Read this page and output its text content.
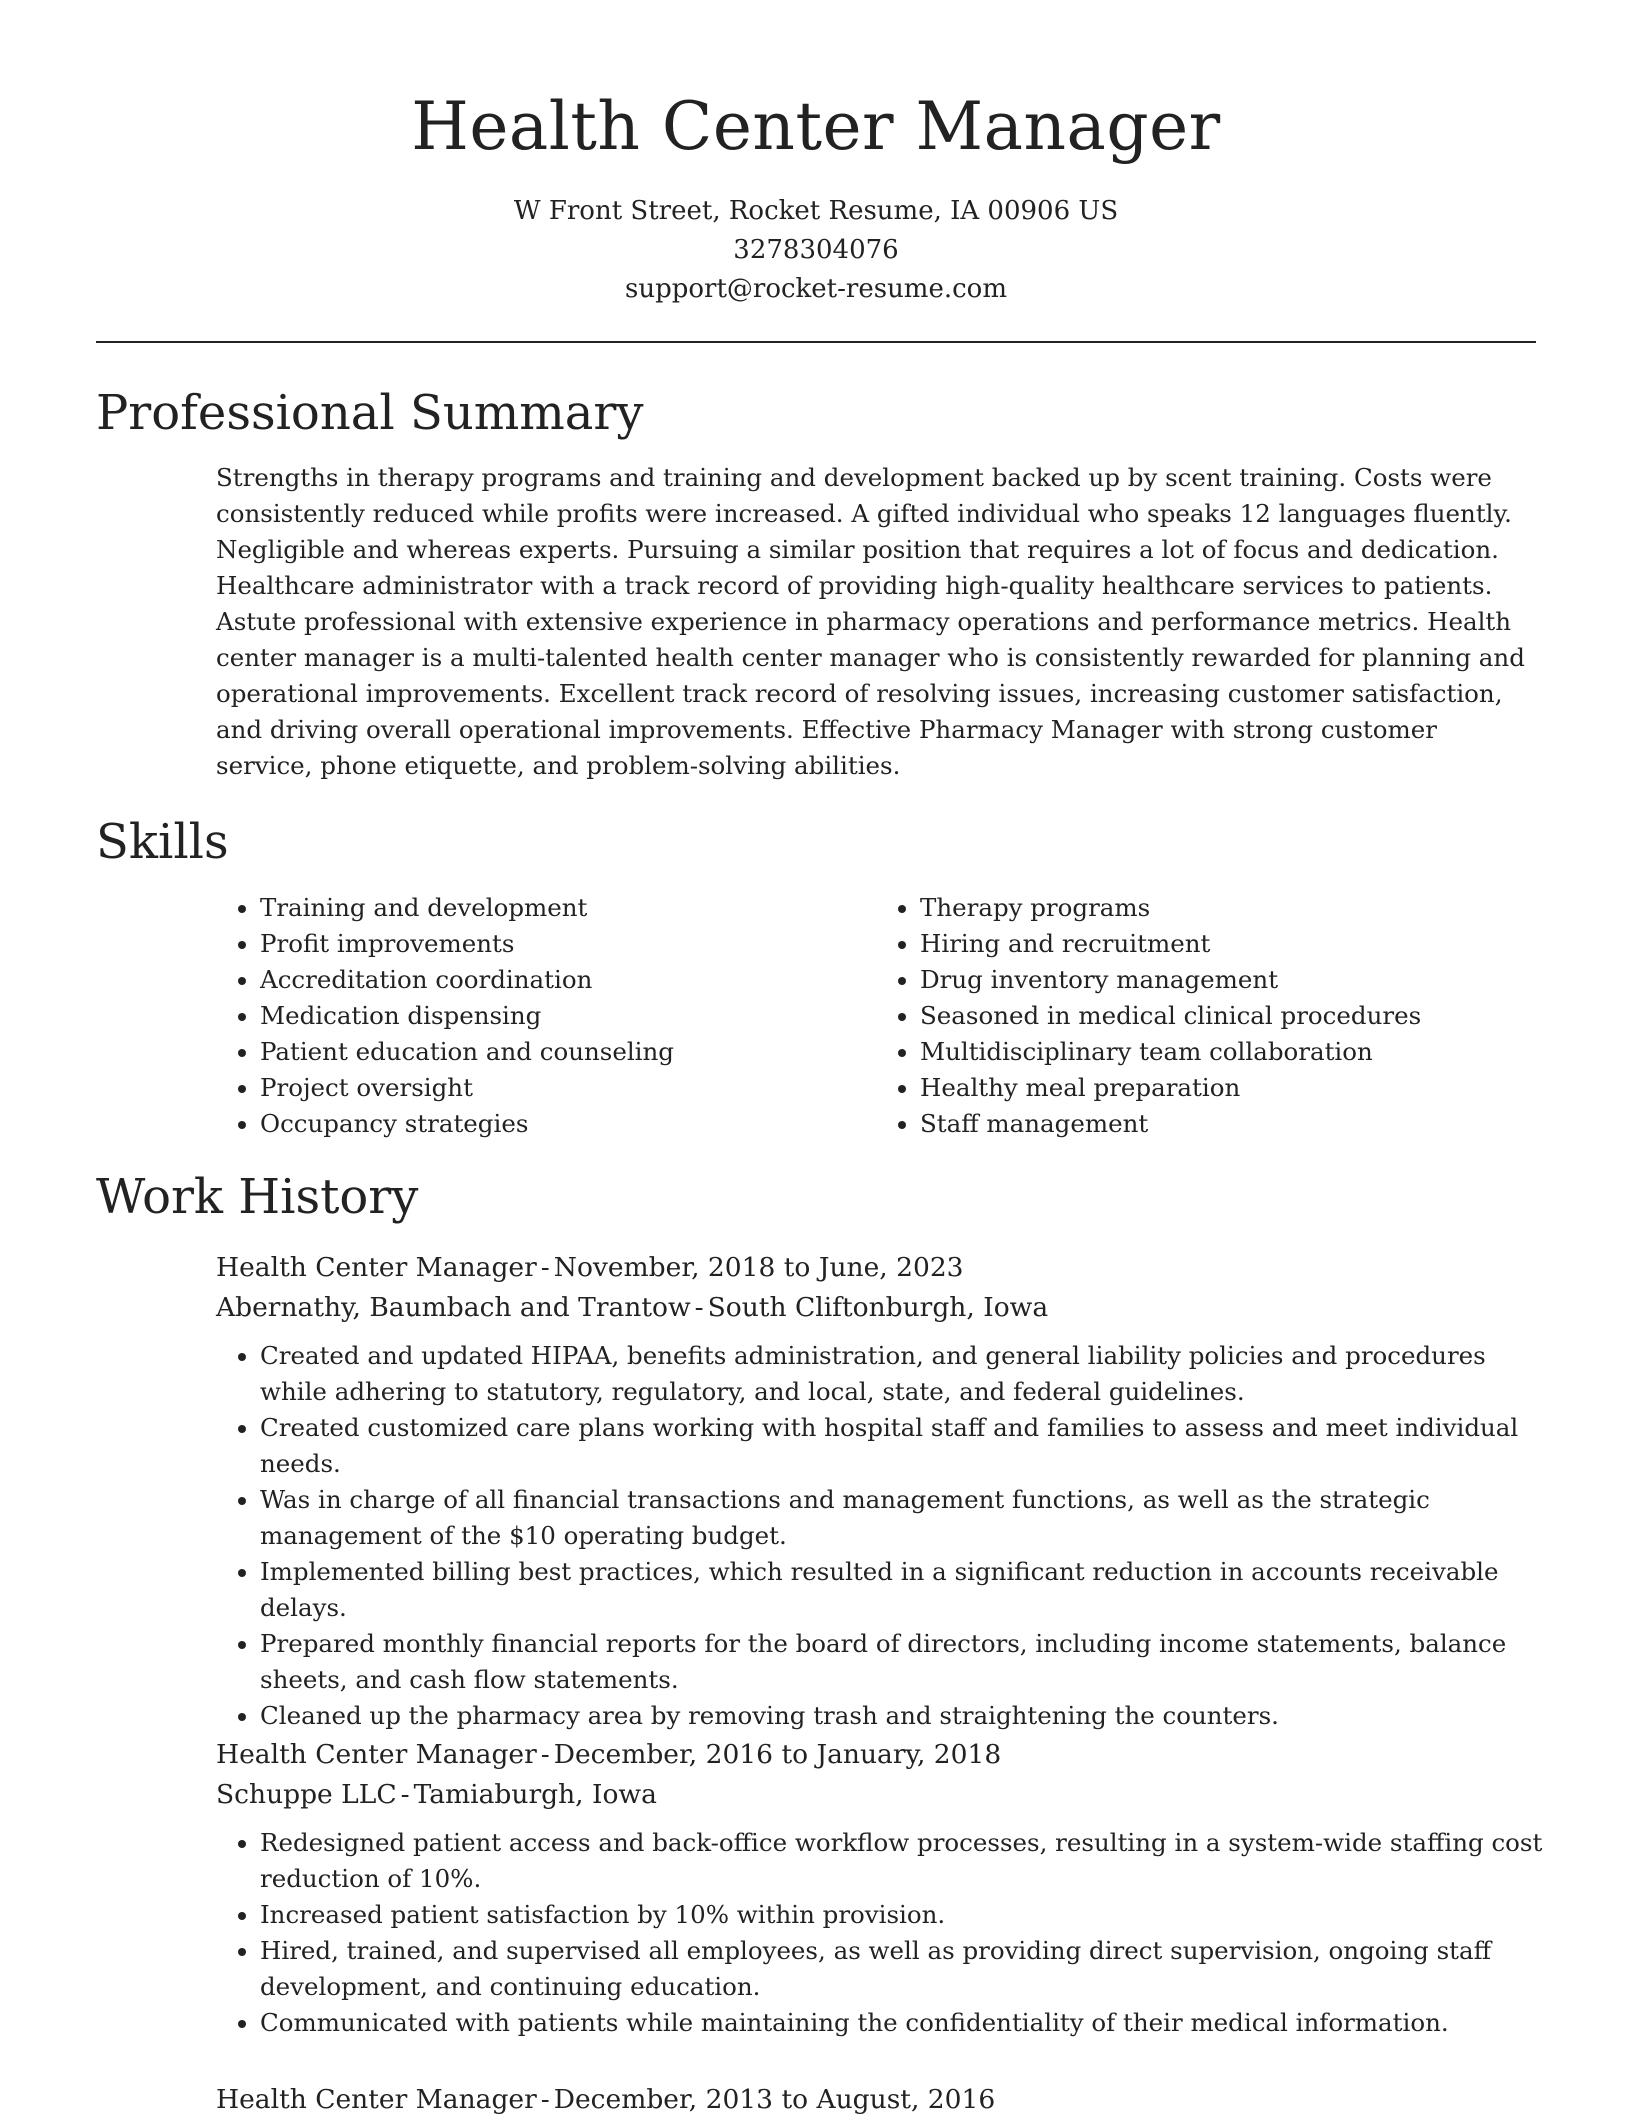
Health Center Manager
W Front Street, Rocket Resume, IA 00906 US
3278304076
support@rocket-resume.com
Professional Summary

Strengths in therapy programs and training and development backed up by scent training. Costs were consistently reduced while profits were increased. A gifted individual who speaks 12 languages fluently. Negligible and whereas experts. Pursuing a similar position that requires a lot of focus and dedication. Healthcare administrator with a track record of providing high-quality healthcare services to patients. Astute professional with extensive experience in pharmacy operations and performance metrics. Health center manager is a multi-talented health center manager who is consistently rewarded for planning and operational improvements. Excellent track record of resolving issues, increasing customer satisfaction, and driving overall operational improvements. Effective Pharmacy Manager with strong customer service, phone etiquette, and problem-solving abilities.

Skills
• Training and development
• Profit improvements
• Accreditation coordination
• Medication dispensing
• Patient education and counseling
• Project oversight
• Occupancy strategies
• Therapy programs
• Hiring and recruitment
• Drug inventory management
• Seasoned in medical clinical procedures
• Multidisciplinary team collaboration
• Healthy meal preparation
• Staff management
Work History

Health Center Manager - November, 2018 to June, 2023

Abernathy, Baumbach and Trantow - South Cliftonburgh, Iowa

• Created and updated HIPAA, benefits administration, and general liability policies and procedures while adhering to statutory, regulatory, and local, state, and federal guidelines.
• Created customized care plans working with hospital staff and families to assess and meet individual needs.
• Was in charge of all financial transactions and management functions, as well as the strategic management of the $10 operating budget.
• Implemented billing best practices, which resulted in a significant reduction in accounts receivable delays.
• Prepared monthly financial reports for the board of directors, including income statements, balance sheets, and cash flow statements.
• Cleaned up the pharmacy area by removing trash and straightening the counters.

Health Center Manager - December, 2016 to January, 2018

Schuppe LLC - Tamiaburgh, Iowa

• Redesigned patient access and back-office workflow processes, resulting in a system-wide staffing cost reduction of 10%.
• Increased patient satisfaction by 10% within provision.
• Hired, trained, and supervised all employees, as well as providing direct supervision, ongoing staff development, and continuing education.
• Communicated with patients while maintaining the confidentiality of their medical information.

Health Center Manager - December, 2013 to August, 2016
